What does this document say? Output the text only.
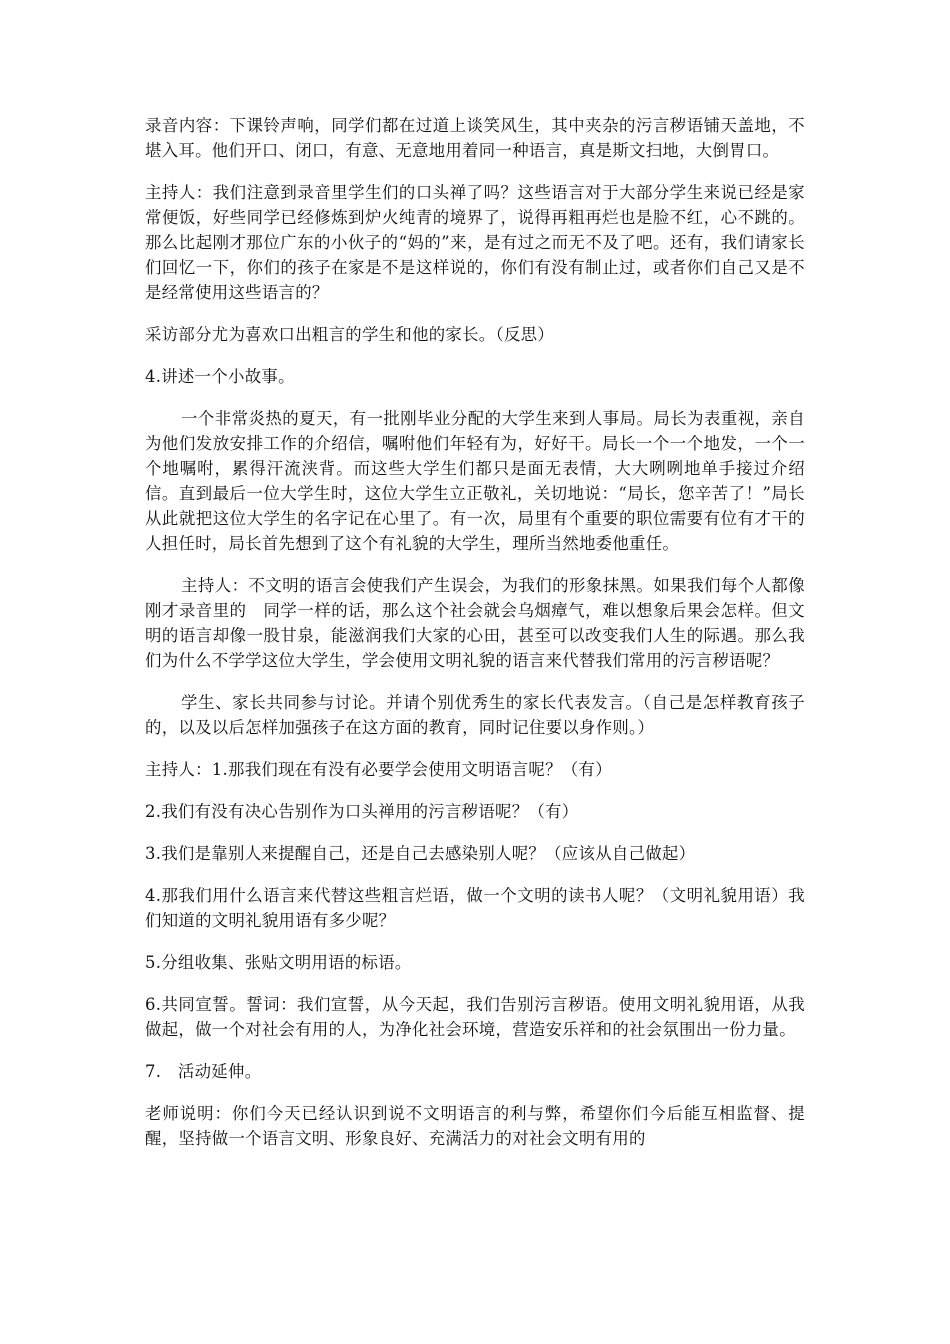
录音内容：下课铃声响，同学们都在过道上谈笑风生，其中夹杂的污言秽语铺天盖地，不堪入耳。他们开口、闭口，有意、无意地用着同一种语言，真是斯文扫地，大倒胃口。

主持人：我们注意到录音里学生们的口头禅了吗？这些语言对于大部分学生来说已经是家常便饭，好些同学已经修炼到炉火纯青的境界了，说得再粗再烂也是脸不红，心不跳的。那么比起刚才那位广东的小伙子的“妈的”来，是有过之而无不及了吧。还有，我们请家长们回忆一下，你们的孩子在家是不是这样说的，你们有没有制止过，或者你们自己又是不是经常使用这些语言的？

采访部分尤为喜欢口出粗言的学生和他的家长。（反思）

4.讲述一个小故事。

一个非常炎热的夏天，有一批刚毕业分配的大学生来到人事局。局长为表重视，亲自为他们发放安排工作的介绍信，嘱咐他们年轻有为，好好干。局长一个一个地发，一个一个地嘱咐，累得汗流浃背。而这些大学生们都只是面无表情，大大咧咧地单手接过介绍信。直到最后一位大学生时，这位大学生立正敬礼，关切地说：“局长，您辛苦了！”局长从此就把这位大学生的名字记在心里了。有一次，局里有个重要的职位需要有位有才干的人担任时，局长首先想到了这个有礼貌的大学生，理所当然地委他重任。

主持人：不文明的语言会使我们产生误会，为我们的形象抹黑。如果我们每个人都像刚才录音里的　同学一样的话，那么这个社会就会乌烟瘴气，难以想象后果会怎样。但文明的语言却像一股甘泉，能滋润我们大家的心田，甚至可以改变我们人生的际遇。那么我们为什么不学学这位大学生，学会使用文明礼貌的语言来代替我们常用的污言秽语呢？

学生、家长共同参与讨论。并请个别优秀生的家长代表发言。（自己是怎样教育孩子的，以及以后怎样加强孩子在这方面的教育，同时记住要以身作则。）

主持人：1.那我们现在有没有必要学会使用文明语言呢？（有）

2.我们有没有决心告别作为口头禅用的污言秽语呢？（有）

3.我们是靠别人来提醒自己，还是自己去感染别人呢？（应该从自己做起）

4.那我们用什么语言来代替这些粗言烂语，做一个文明的读书人呢？（文明礼貌用语）我们知道的文明礼貌用语有多少呢？

5.分组收集、张贴文明用语的标语。

6.共同宣誓。誓词：我们宣誓，从今天起，我们告别污言秽语。使用文明礼貌用语，从我做起，做一个对社会有用的人，为净化社会环境，营造安乐祥和的社会氛围出一份力量。

7.　活动延伸。

老师说明：你们今天已经认识到说不文明语言的利与弊，希望你们今后能互相监督、提醒，坚持做一个语言文明、形象良好、充满活力的对社会文明有用的
